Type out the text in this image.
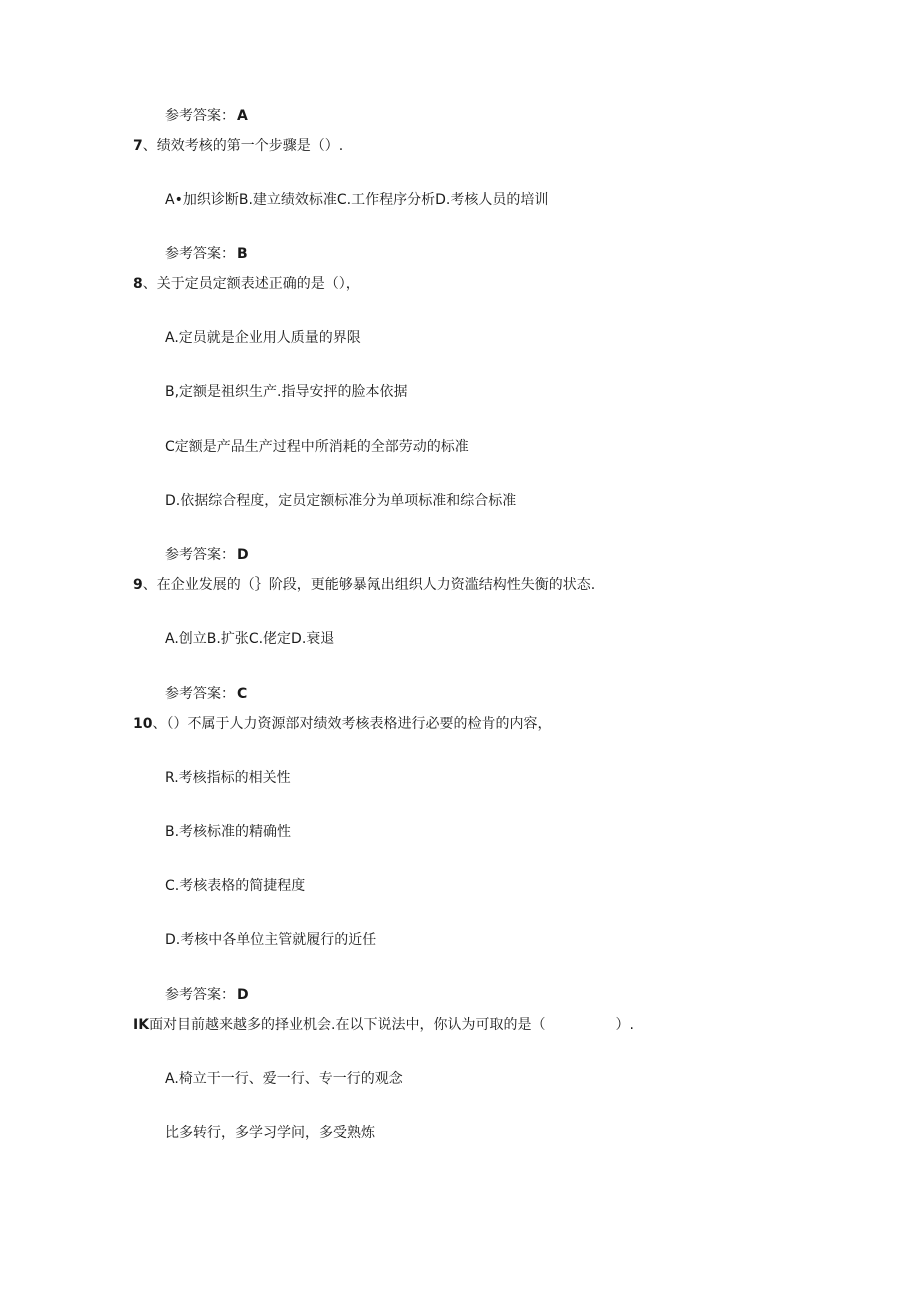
参考答案： A
7、绩效考核的第一个步骤是（）.
A•加织诊断B.建立绩效标准C.工作程序分析D.考核人员的培训
参考答案： B
8、关于定员定额表述正确的是（），
A.定员就是企业用人质量的界限
B,定额是祖织生产.指导安抨的脸本依据
C定额是产品生产过程中所消耗的全部劳动的标准
D.依据综合程度，定员定额标准分为单项标准和综合标准
参考答案： D
9、在企业发展的（｝阶段，更能够暴氝出组织人力资滥结构性失衡的状态.
A.创立B.扩张C.佬定D.衰退
参考答案： C
10、（）不属于人力资源部对绩效考核表格进行必要的检肯的内容，
R.考核指标的相关性
B.考核标准的精确性
C.考核表格的简捷程度
D.考核中各单位主管就履行的近任
参考答案： D
IK面对目前越来越多的择业机会.在以下说法中，你认为可取的是（　　　　　）.
A.椅立干一行、爱一行、专一行的观念
比多转行，多学习学问，多受熟炼
